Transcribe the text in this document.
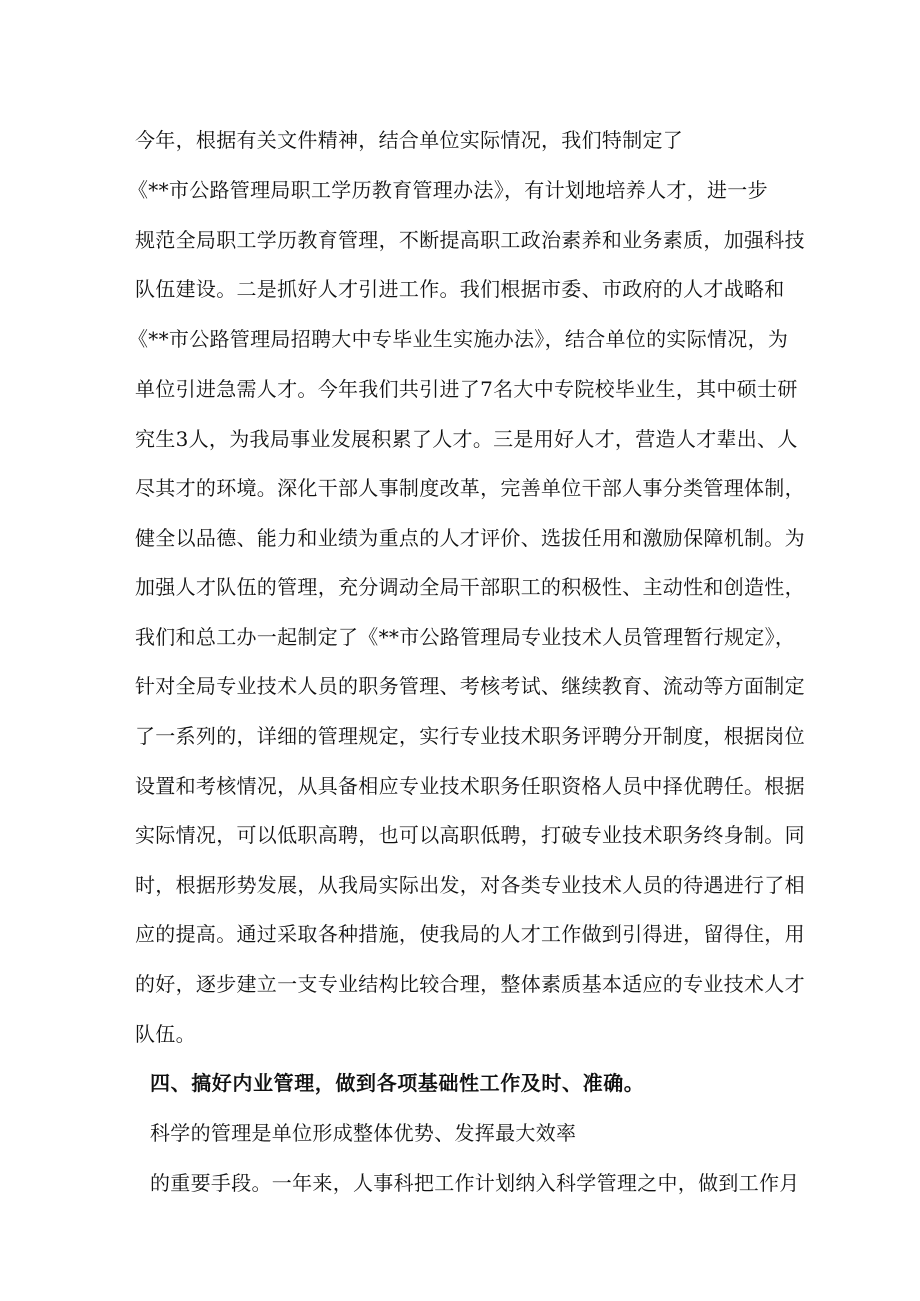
今年，根据有关文件精神，结合单位实际情况，我们特制定了
《**市公路管理局职工学历教育管理办法》，有计划地培养人才，进一步
规范全局职工学历教育管理，不断提高职工政治素养和业务素质，加强科技
队伍建设。二是抓好人才引进工作。我们根据市委、市政府的人才战略和
《**市公路管理局招聘大中专毕业生实施办法》，结合单位的实际情况，为
单位引进急需人才。今年我们共引进了7名大中专院校毕业生，其中硕士研
究生3人，为我局事业发展积累了人才。三是用好人才，营造人才辈出、人
尽其才的环境。深化干部人事制度改革，完善单位干部人事分类管理体制，
健全以品德、能力和业绩为重点的人才评价、选拔任用和激励保障机制。为
加强人才队伍的管理，充分调动全局干部职工的积极性、主动性和创造性，
我们和总工办一起制定了《**市公路管理局专业技术人员管理暂行规定》，
针对全局专业技术人员的职务管理、考核考试、继续教育、流动等方面制定
了一系列的，详细的管理规定，实行专业技术职务评聘分开制度，根据岗位
设置和考核情况，从具备相应专业技术职务任职资格人员中择优聘任。根据
实际情况，可以低职高聘，也可以高职低聘，打破专业技术职务终身制。同
时，根据形势发展，从我局实际出发，对各类专业技术人员的待遇进行了相
应的提高。通过采取各种措施，使我局的人才工作做到引得进，留得住，用
的好，逐步建立一支专业结构比较合理，整体素质基本适应的专业技术人才
队伍。
四、搞好内业管理，做到各项基础性工作及时、准确。
科学的管理是单位形成整体优势、发挥最大效率
的重要手段。一年来，人事科把工作计划纳入科学管理之中，做到工作月
